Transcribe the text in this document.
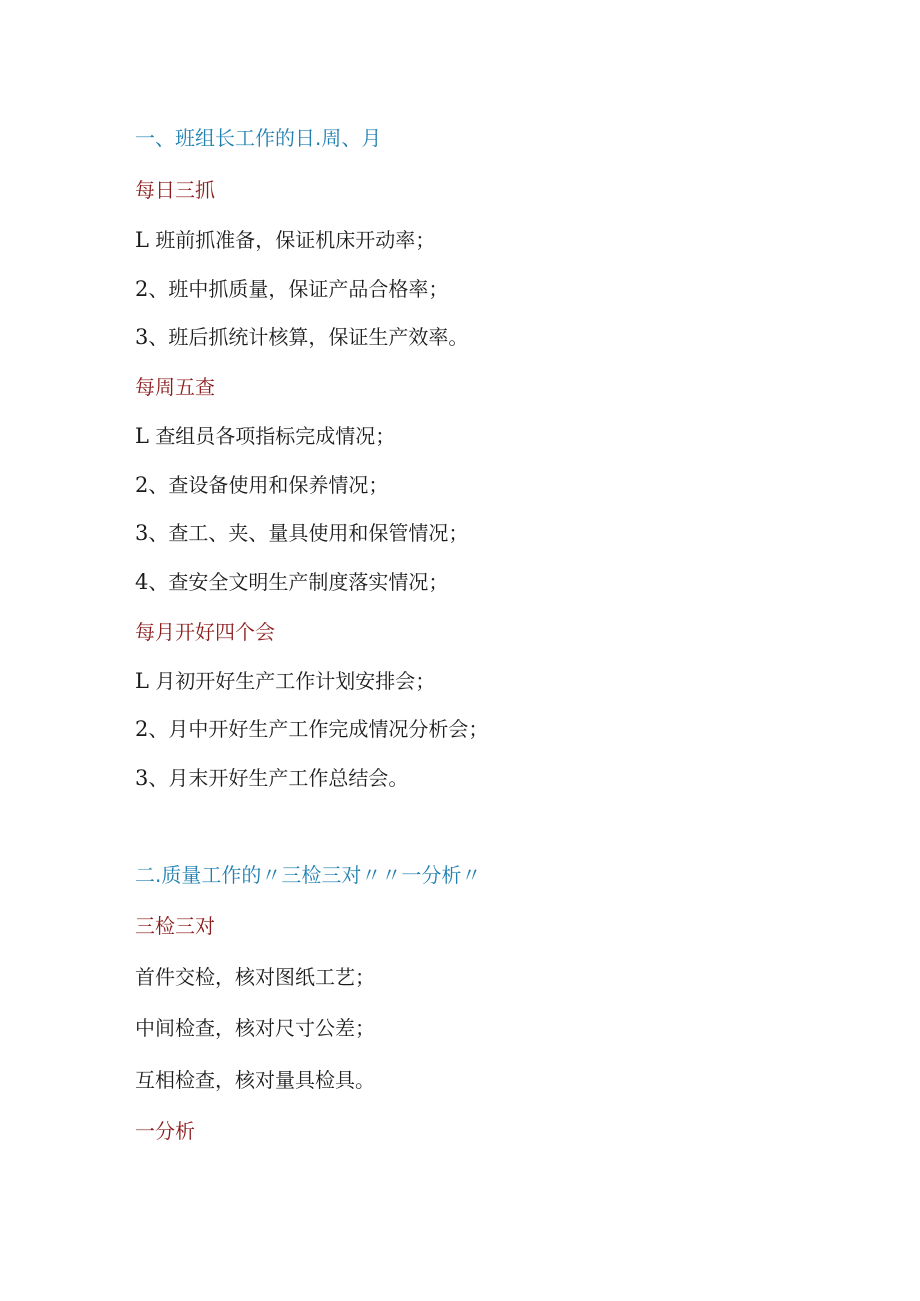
一、班组长工作的日.周、月
每日三抓
L 班前抓准备，保证机床开动率；
2、班中抓质量，保证产品合格率；
3、班后抓统计核算，保证生产效率。
每周五查
L 查组员各项指标完成情况；
2、查设备使用和保养情况；
3、查工、夹、量具使用和保管情况；
4、查安全文明生产制度落实情况；
每月开好四个会
L 月初开好生产工作计划安排会；
2、月中开好生产工作完成情况分析会；
3、月末开好生产工作总结会。
二.质量工作的〃三检三对〃〃一分析〃
三检三对
首件交检，核对图纸工艺；
中间检查，核对尺寸公差；
互相检查，核对量具检具。
一分析
